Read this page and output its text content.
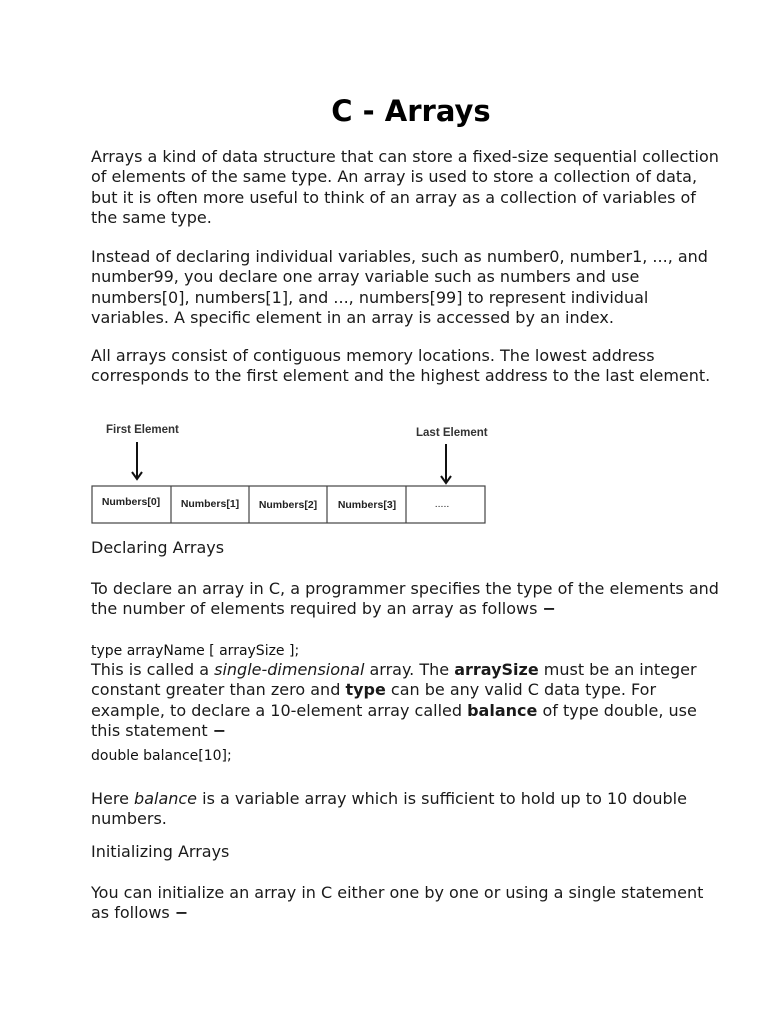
C - Arrays

Arrays a kind of data structure that can store a fixed-size sequential collection of elements of the same type. An array is used to store a collection of data, but it is often more useful to think of an array as a collection of variables of the same type.

Instead of declaring individual variables, such as number0, number1, ..., and number99, you declare one array variable such as numbers and use numbers[0], numbers[1], and ..., numbers[99] to represent individual variables. A specific element in an array is accessed by an index.

All arrays consist of contiguous memory locations. The lowest address corresponds to the first element and the highest address to the last element.

Declaring Arrays

To declare an array in C, a programmer specifies the type of the elements and the number of elements required by an array as follows −

type arrayName [ arraySize ];

This is called a single-dimensional array. The arraySize must be an integer constant greater than zero and type can be any valid C data type. For example, to declare a 10-element array called balance of type double, use this statement −

double balance[10];

Here balance is a variable array which is sufficient to hold up to 10 double numbers.

Initializing Arrays

You can initialize an array in C either one by one or using a single statement as follows −

First Element	Last Element
Numbers[0] Numbers[1] Numbers[2] Numbers[3]	.....
